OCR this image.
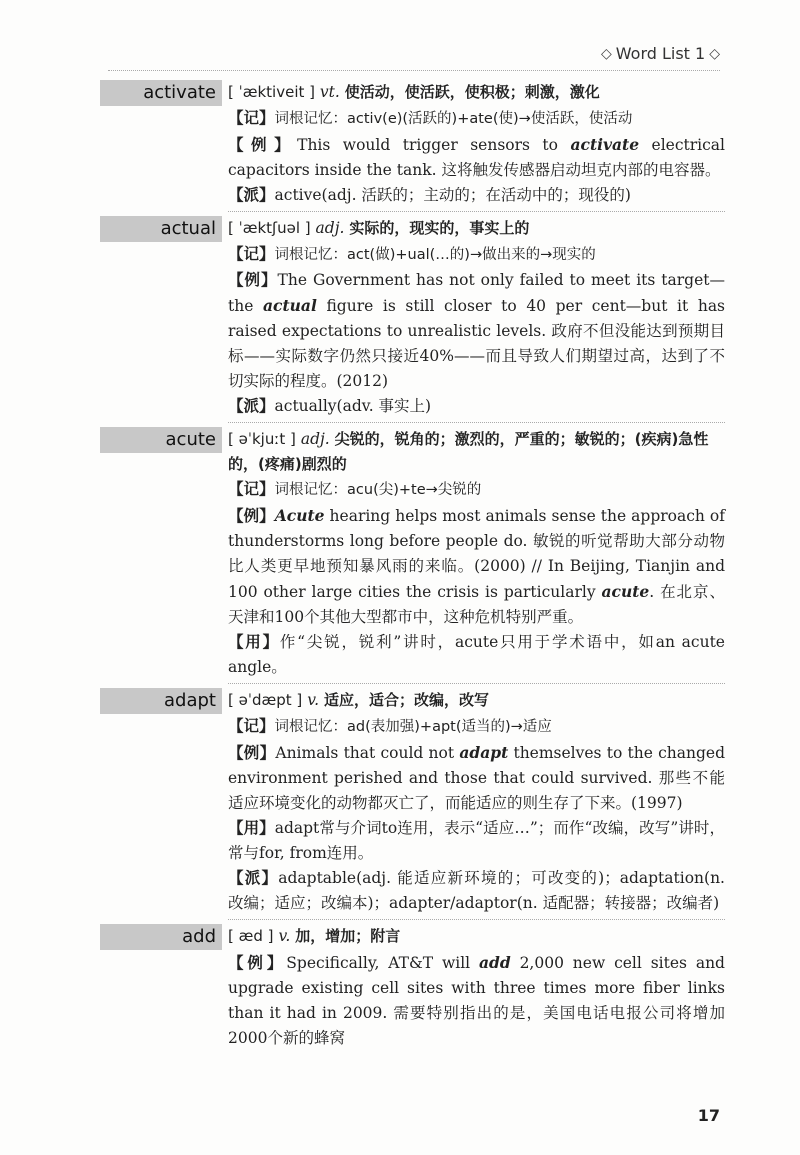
◇ Word List 1 ◇
activate [ ˈæktiveit ] vt. 使活动，使活跃，使积极；刺激，激化
【记】词根记忆：activ(e)(活跃的)+ate(使)→使活跃，使活动
【例】This would trigger sensors to activate electrical capacitors inside the tank. 这将触发传感器启动坦克内部的电容器。
【派】active(adj. 活跃的；主动的；在活动中的；现役的)
actual [ ˈæktʃuəl ] adj. 实际的，现实的，事实上的
【记】词根记忆：act(做)+ual(…的)→做出来的→现实的
【例】The Government has not only failed to meet its target—the actual figure is still closer to 40 per cent—but it has raised expectations to unrealistic levels. 政府不但没能达到预期目标——实际数字仍然只接近40%——而且导致人们期望过高，达到了不切实际的程度。(2012)
【派】actually(adv. 事实上)
acute [ əˈkjuːt ] adj. 尖锐的，锐角的；激烈的，严重的；敏锐的；(疾病)急性的，(疼痛)剧烈的
【记】词根记忆：acu(尖)+te→尖锐的
【例】Acute hearing helps most animals sense the approach of thunderstorms long before people do. 敏锐的听觉帮助大部分动物比人类更早地预知暴风雨的来临。(2000) // In Beijing, Tianjin and 100 other large cities the crisis is particularly acute. 在北京、天津和100个其他大型都市中，这种危机特别严重。
【用】作“尖锐，锐利”讲时，acute只用于学术语中，如an acute angle。
adapt [ əˈdæpt ] v. 适应，适合；改编，改写
【记】词根记忆：ad(表加强)+apt(适当的)→适应
【例】Animals that could not adapt themselves to the changed environment perished and those that could survived. 那些不能适应环境变化的动物都灭亡了，而能适应的则生存了下来。(1997)
【用】adapt常与介词to连用，表示“适应…”；而作“改编，改写”讲时，常与for, from连用。
【派】adaptable(adj. 能适应新环境的；可改变的)；adaptation(n. 改编；适应；改编本)；adapter/adaptor(n. 适配器；转接器；改编者)
add [ æd ] v. 加，增加；附言
【例】Specifically, AT&T will add 2,000 new cell sites and upgrade existing cell sites with three times more fiber links than it had in 2009. 需要特别指出的是，美国电话电报公司将增加2000个新的蜂窝
17
